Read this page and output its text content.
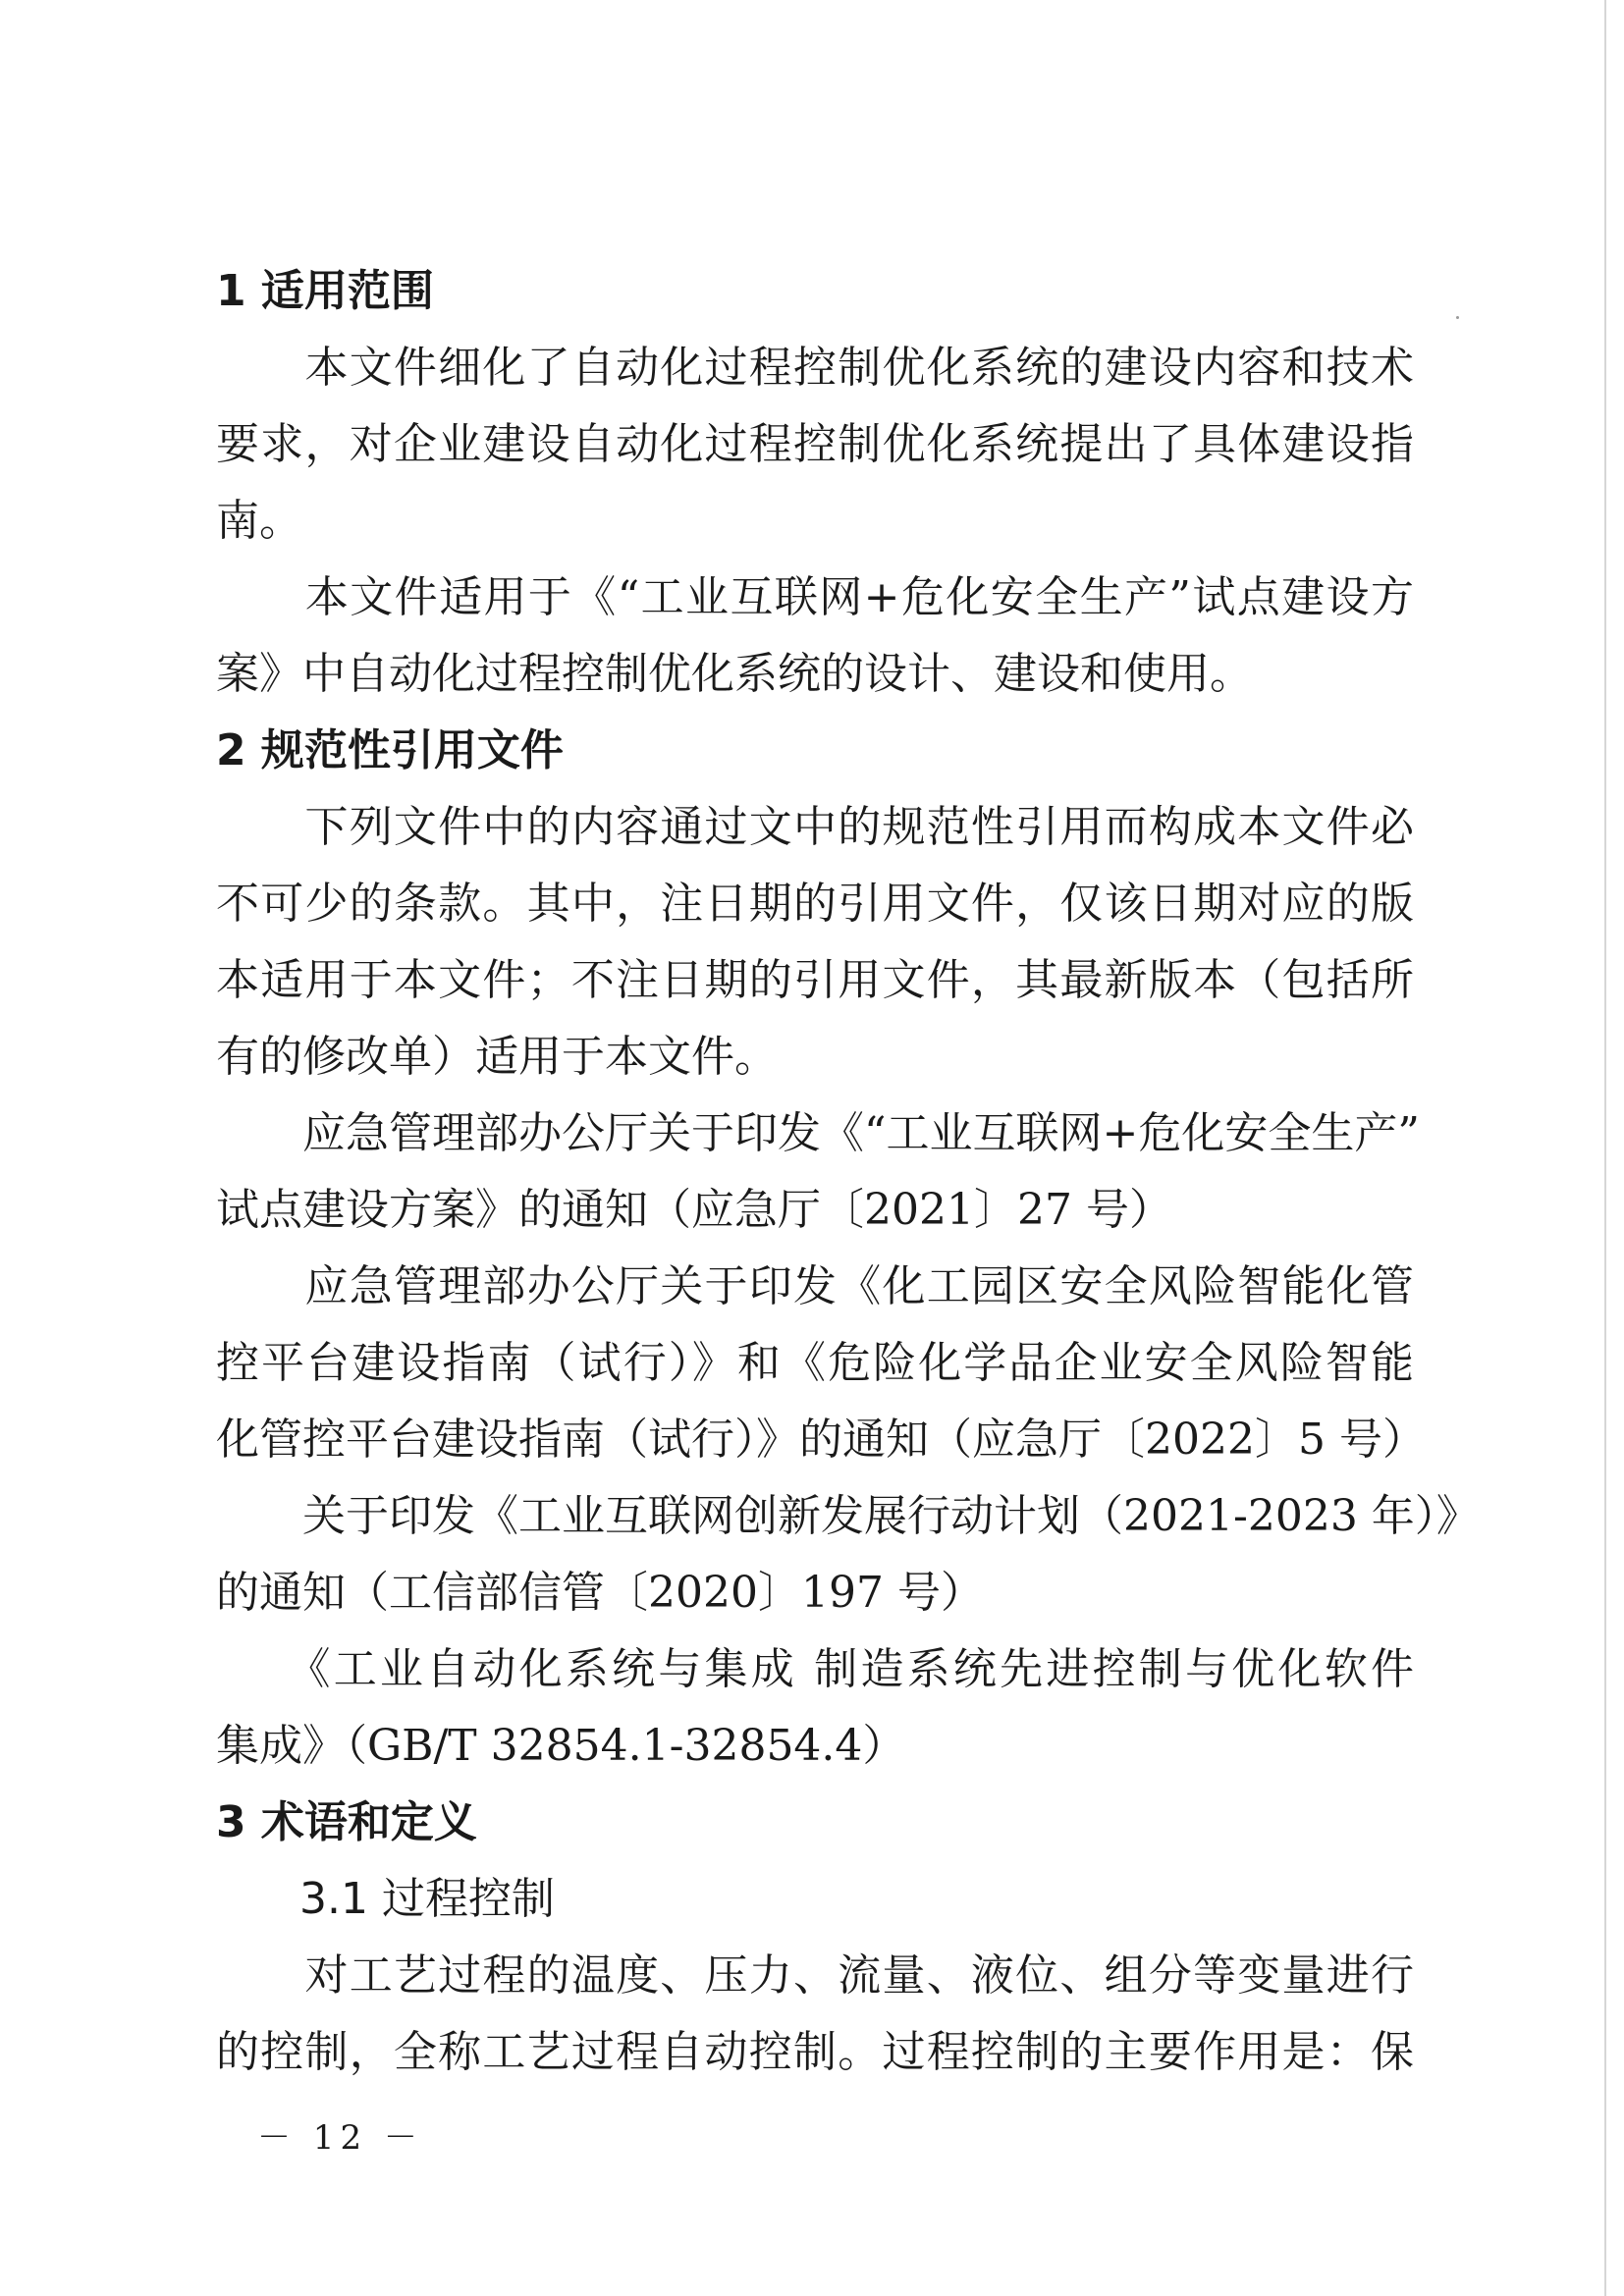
1 适用范围
　　本文件细化了自动化过程控制优化系统的建设内容和技术
要求，对企业建设自动化过程控制优化系统提出了具体建设指
南。
　　本文件适用于《“工业互联网+危化安全生产”试点建设方
案》中自动化过程控制优化系统的设计、建设和使用。
2 规范性引用文件
　　下列文件中的内容通过文中的规范性引用而构成本文件必
不可少的条款。其中，注日期的引用文件，仅该日期对应的版
本适用于本文件；不注日期的引用文件，其最新版本（包括所
有的修改单）适用于本文件。
　　应急管理部办公厅关于印发《“工业互联网+危化安全生产”
试点建设方案》的通知（应急厅〔2021〕27 号）
　　应急管理部办公厅关于印发《化工园区安全风险智能化管
控平台建设指南（试行）》和《危险化学品企业安全风险智能
化管控平台建设指南（试行）》的通知（应急厅〔2022〕5 号）
　　关于印发《工业互联网创新发展行动计划（2021-2023 年）》
的通知（工信部信管〔2020〕197 号）
　　《工业自动化系统与集成 制造系统先进控制与优化软件
集成》（GB/T 32854.1-32854.4）
3 术语和定义
3.1 过程控制
　　对工艺过程的温度、压力、流量、液位、组分等变量进行
的控制，全称工艺过程自动控制。过程控制的主要作用是：保
－ 12 －
